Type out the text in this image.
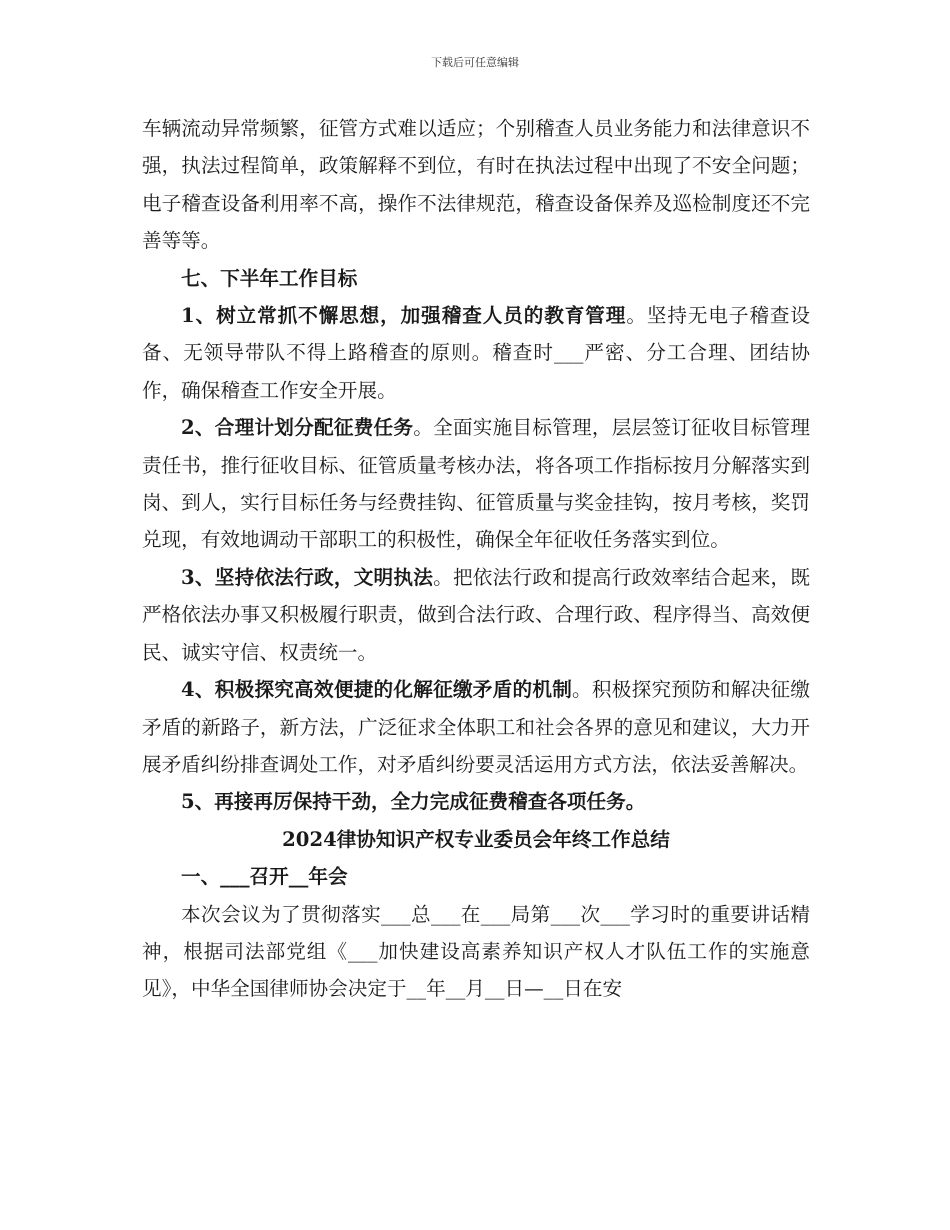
下载后可任意编辑

车辆流动异常频繁，征管方式难以适应；个别稽查人员业务能力和法律意识不强，执法过程简单，政策解释不到位，有时在执法过程中出现了不安全问题；电子稽查设备利用率不高，操作不法律规范，稽查设备保养及巡检制度还不完善等等。

七、下半年工作目标

1、树立常抓不懈思想，加强稽查人员的教育管理。坚持无电子稽查设备、无领导带队不得上路稽查的原则。稽查时___严密、分工合理、团结协作，确保稽查工作安全开展。

2、合理计划分配征费任务。全面实施目标管理，层层签订征收目标管理责任书，推行征收目标、征管质量考核办法，将各项工作指标按月分解落实到岗、到人，实行目标任务与经费挂钩、征管质量与奖金挂钩，按月考核，奖罚兑现，有效地调动干部职工的积极性，确保全年征收任务落实到位。

3、坚持依法行政，文明执法。把依法行政和提高行政效率结合起来，既严格依法办事又积极履行职责，做到合法行政、合理行政、程序得当、高效便民、诚实守信、权责统一。

4、积极探究高效便捷的化解征缴矛盾的机制。积极探究预防和解决征缴矛盾的新路子，新方法，广泛征求全体职工和社会各界的意见和建议，大力开展矛盾纠纷排查调处工作，对矛盾纠纷要灵活运用方式方法，依法妥善解决。

5、再接再厉保持干劲，全力完成征费稽查各项任务。

2024律协知识产权专业委员会年终工作总结

一、___召开__年会

本次会议为了贯彻落实___总___在___局第___次___学习时的重要讲话精神，根据司法部党组《___加快建设高素养知识产权人才队伍工作的实施意见》，中华全国律师协会决定于__年__月__日—__日在安
